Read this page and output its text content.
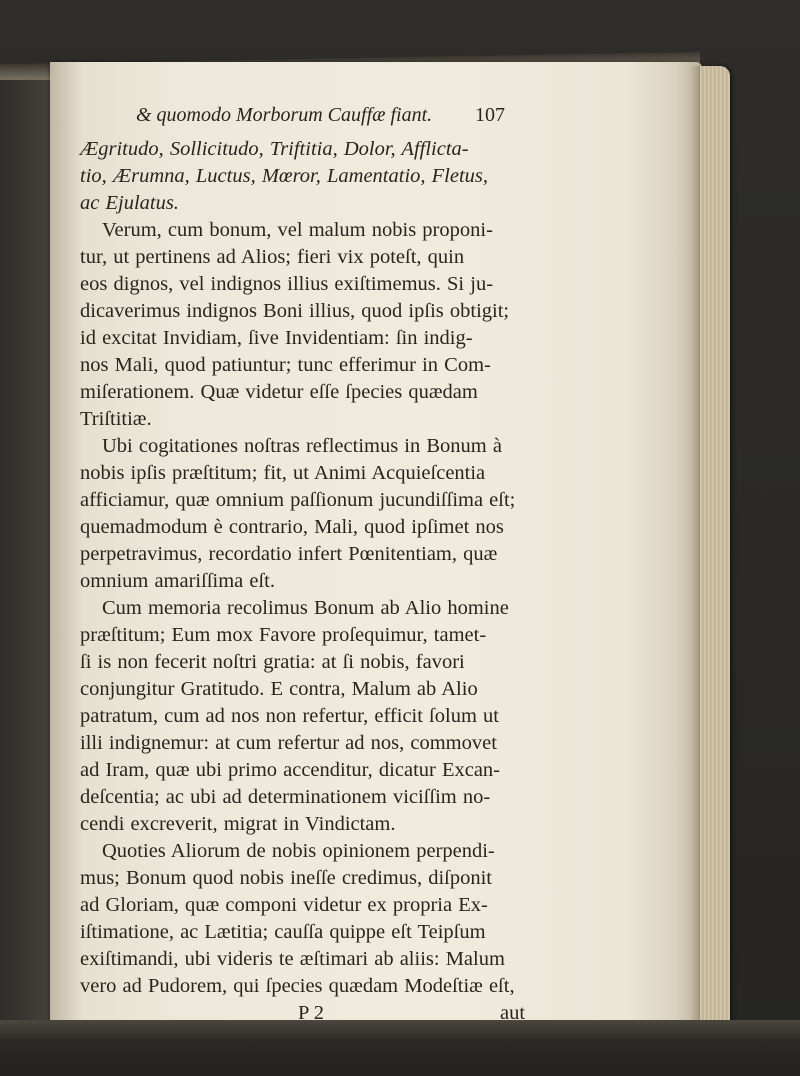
& quomodo Morborum Cauffæ fiant. 107
Ægritudo, Sollicitudo, Triftitia, Dolor, Afflicta-
tio, Ærumna, Luctus, Mœror, Lamentatio, Fletus,
ac Ejulatus.
Verum, cum bonum, vel malum nobis proponi-
tur, ut pertinens ad Alios; fieri vix poteſt, quin
eos dignos, vel indignos illius exiſtimemus. Si ju-
dicaverimus indignos Boni illius, quod ipſis obtigit;
id excitat Invidiam, ſive Invidentiam: ſin indig-
nos Mali, quod patiuntur; tunc efferimur in Com-
miſerationem. Quæ videtur eſſe ſpecies quædam
Triſtitiæ.
Ubi cogitationes noſtras reflectimus in Bonum à
nobis ipſis præſtitum; fit, ut Animi Acquieſcentia
afficiamur, quæ omnium paſſionum jucundiſſima eſt;
quemadmodum è contrario, Mali, quod ipſimet nos
perpetravimus, recordatio infert Pœnitentiam, quæ
omnium amariſſima eſt.
Cum memoria recolimus Bonum ab Alio homine
præſtitum; Eum mox Favore proſequimur, tamet-
ſi is non fecerit noſtri gratia: at ſi nobis, favori
conjungitur Gratitudo. E contra, Malum ab Alio
patratum, cum ad nos non refertur, efficit ſolum ut
illi indignemur: at cum refertur ad nos, commovet
ad Iram, quæ ubi primo accenditur, dicatur Excan-
deſcentia; ac ubi ad determinationem viciſſim no-
cendi excreverit, migrat in Vindictam.
Quoties Aliorum de nobis opinionem perpendi-
mus; Bonum quod nobis ineſſe credimus, diſponit
ad Gloriam, quæ componi videtur ex propria Ex-
iſtimatione, ac Lætitia; cauſſa quippe eſt Teipſum
exiſtimandi, ubi videris te æſtimari ab aliis: Malum
vero ad Pudorem, qui ſpecies quædam Modeſtiæ eſt,
P 2	aut
